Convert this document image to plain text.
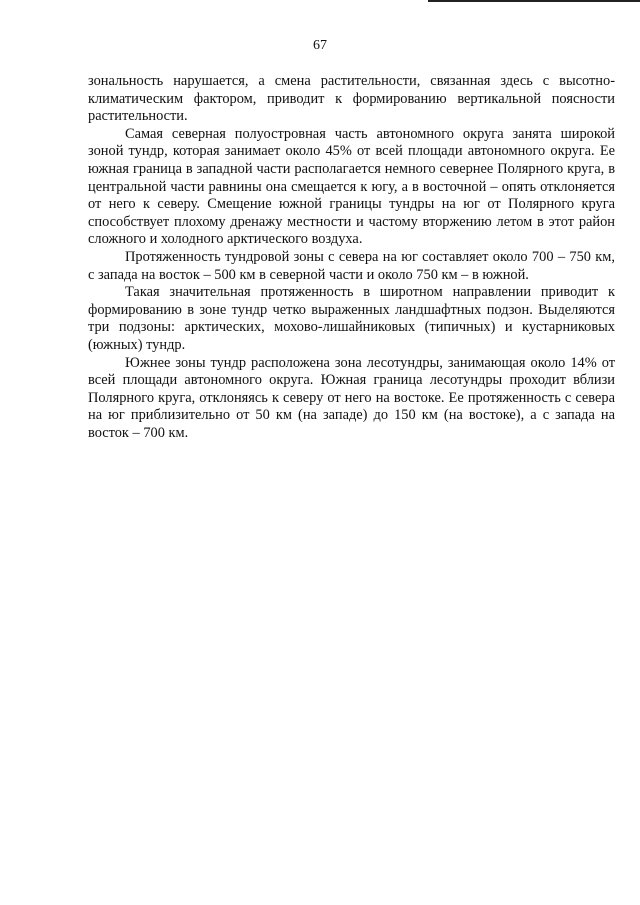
67

зональность нарушается, а смена растительности, связанная здесь с высотно-климатическим фактором, приводит к формированию вертикальной поясности растительности.

Самая северная полуостровная часть автономного округа занята широкой зоной тундр, которая занимает около 45% от всей площади автономного округа. Ее южная граница в западной части располагается немного севернее Полярного круга, в центральной части равнины она смещается к югу, а в восточной – опять отклоняется от него к северу. Смещение южной границы тундры на юг от Полярного круга способствует плохому дренажу местности и частому вторжению летом в этот район сложного и холодного арктического воздуха.

Протяженность тундровой зоны с севера на юг составляет около 700 – 750 км, с запада на восток – 500 км в северной части и около 750 км – в южной.

Такая значительная протяженность в широтном направлении приводит к формированию в зоне тундр четко выраженных ландшафтных подзон. Выделяются три подзоны: арктических, мохово-лишайниковых (типичных) и кустарниковых (южных) тундр.

Южнее зоны тундр расположена зона лесотундры, занимающая около 14% от всей площади автономного округа. Южная граница лесотундры проходит вблизи Полярного круга, отклоняясь к северу от него на востоке. Ее протяженность с севера на юг приблизительно от 50 км (на западе) до 150 км (на востоке), а с запада на восток – 700 км.
